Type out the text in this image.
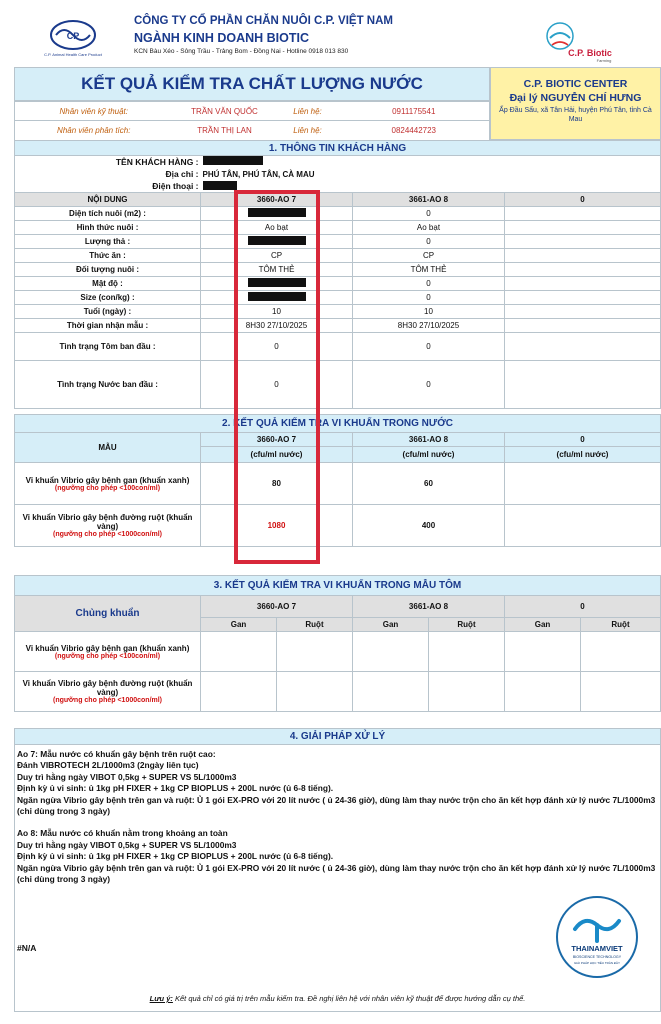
CP
C.P. Animal Health Care Product
CÔNG TY CỔ PHẦN CHĂN NUÔI C.P. VIỆT NAM
NGÀNH KINH DOANH BIOTIC
KCN Bàu Xéo - Sông Trầu - Trảng Bom - Đồng Nai - Hotline 0918 013 830	C.P. Biotic
Farming
KẾT QUẢ KIỂM TRA CHẤT LƯỢNG NƯỚC	C.P. BIOTIC CENTER
Đại lý NGUYỄN CHÍ HƯNG
Ấp Đầu Sấu, xã Tân Hải, huyện Phú Tân, tỉnh Cà Mau
Nhân viên kỹ thuật:	TRẦN VĂN QUỐC	Liên hệ:	0911175541
Nhân viên phân tích:	TRẦN THỊ LAN	Liên hệ:	0824442723
1. THÔNG TIN KHÁCH HÀNG			
TÊN KHÁCH HÀNG :			
Địa chỉ :	PHÚ TÂN, PHÚ TÂN, CÀ MAU		
Điện thoại :			
NỘI DUNG	3660-AO 7	3661-AO 8	0
Diện tích nuôi (m2) :		0	
Hình thức nuôi :	Ao bạt	Ao bạt	
Lượng thả :		0	
Thức ăn :	CP	CP	
Đối tượng nuôi :	TÔM THẺ	TÔM THẺ	
Mật độ :		0	
Size (con/kg) :		0	
Tuổi (ngày) :	10	10	
Thời gian nhận mẫu :	8H30 27/10/2025	8H30 27/10/2025	
Tình trạng Tôm ban đầu :	0	0	
Tình trạng Nước ban đầu :	0	0	
2. KẾT QUẢ KIỂM TRA VI KHUẨN TRONG NƯỚC			
MẪU	3660-AO 7	3661-AO 8	0
	(cfu/ml nước)	(cfu/ml nước)	(cfu/ml nước)

Vi khuẩn Vibrio gây bệnh gan (khuẩn xanh)
(ngưỡng cho phép <100con/ml)	80	60	

Vi khuẩn Vibrio gây bệnh đường ruột (khuẩn vàng)
(ngưỡng cho phép <1000con/ml)	1080	400	
3. KẾT QUẢ KIỂM TRA VI KHUẨN TRONG MẪU TÔM						
Chủng khuẩn	3660-AO 7		3661-AO 8		0	
	Gan	Ruột	Gan	Ruột	Gan	Ruột

Vi khuẩn Vibrio gây bệnh gan (khuẩn xanh)
(ngưỡng cho phép <100con/ml)						

Vi khuẩn Vibrio gây bệnh đường ruột (khuẩn vàng)
(ngưỡng cho phép <1000con/ml)						

4. GIẢI PHÁP XỬ LÝ
Ao 7: Mẫu nước có khuẩn gây bệnh trên ruột cao:
Đánh VIBROTECH 2L/1000m3 (2ngày liên tục)
Duy trì hằng ngày VIBOT 0,5kg + SUPER VS 5L/1000m3
Định kỳ ủ vi sinh: ủ 1kg pH FIXER + 1kg CP BIOPLUS + 200L nước (ủ 6-8 tiếng).
Ngăn ngừa Vibrio gây bệnh trên gan và ruột: Ủ 1 gói EX-PRO với 20 lít nước ( ủ 24-36 giờ), dùng làm thay nước trộn cho ăn kết hợp đánh xử lý nước 7L/1000m3 (chỉ dùng trong 3 ngày)
Ao 8: Mẫu nước có khuẩn nằm trong khoảng an toàn
Duy trì hằng ngày VIBOT 0,5kg + SUPER VS 5L/1000m3
Định kỳ ủ vi sinh: ủ 1kg pH FIXER + 1kg CP BIOPLUS + 200L nước (ủ 6-8 tiếng).
Ngăn ngừa Vibrio gây bệnh trên gan và ruột: Ủ 1 gói EX-PRO với 20 lít nước ( ủ 24-36 giờ), dùng làm thay nước trộn cho ăn kết hợp đánh xử lý nước 7L/1000m3 (chỉ dùng trong 3 ngày)
#N/A
Lưu ý: Kết quả chỉ có giá trị trên mẫu kiểm tra. Đề nghị liên hệ với nhân viên kỹ thuật để được hướng dẫn cụ thể.
THAINAMVIET
BIOSCIENCE TECHNOLOGY
GIẢI PHÁP HỌC TIÊU TRÀN ĐẦY
